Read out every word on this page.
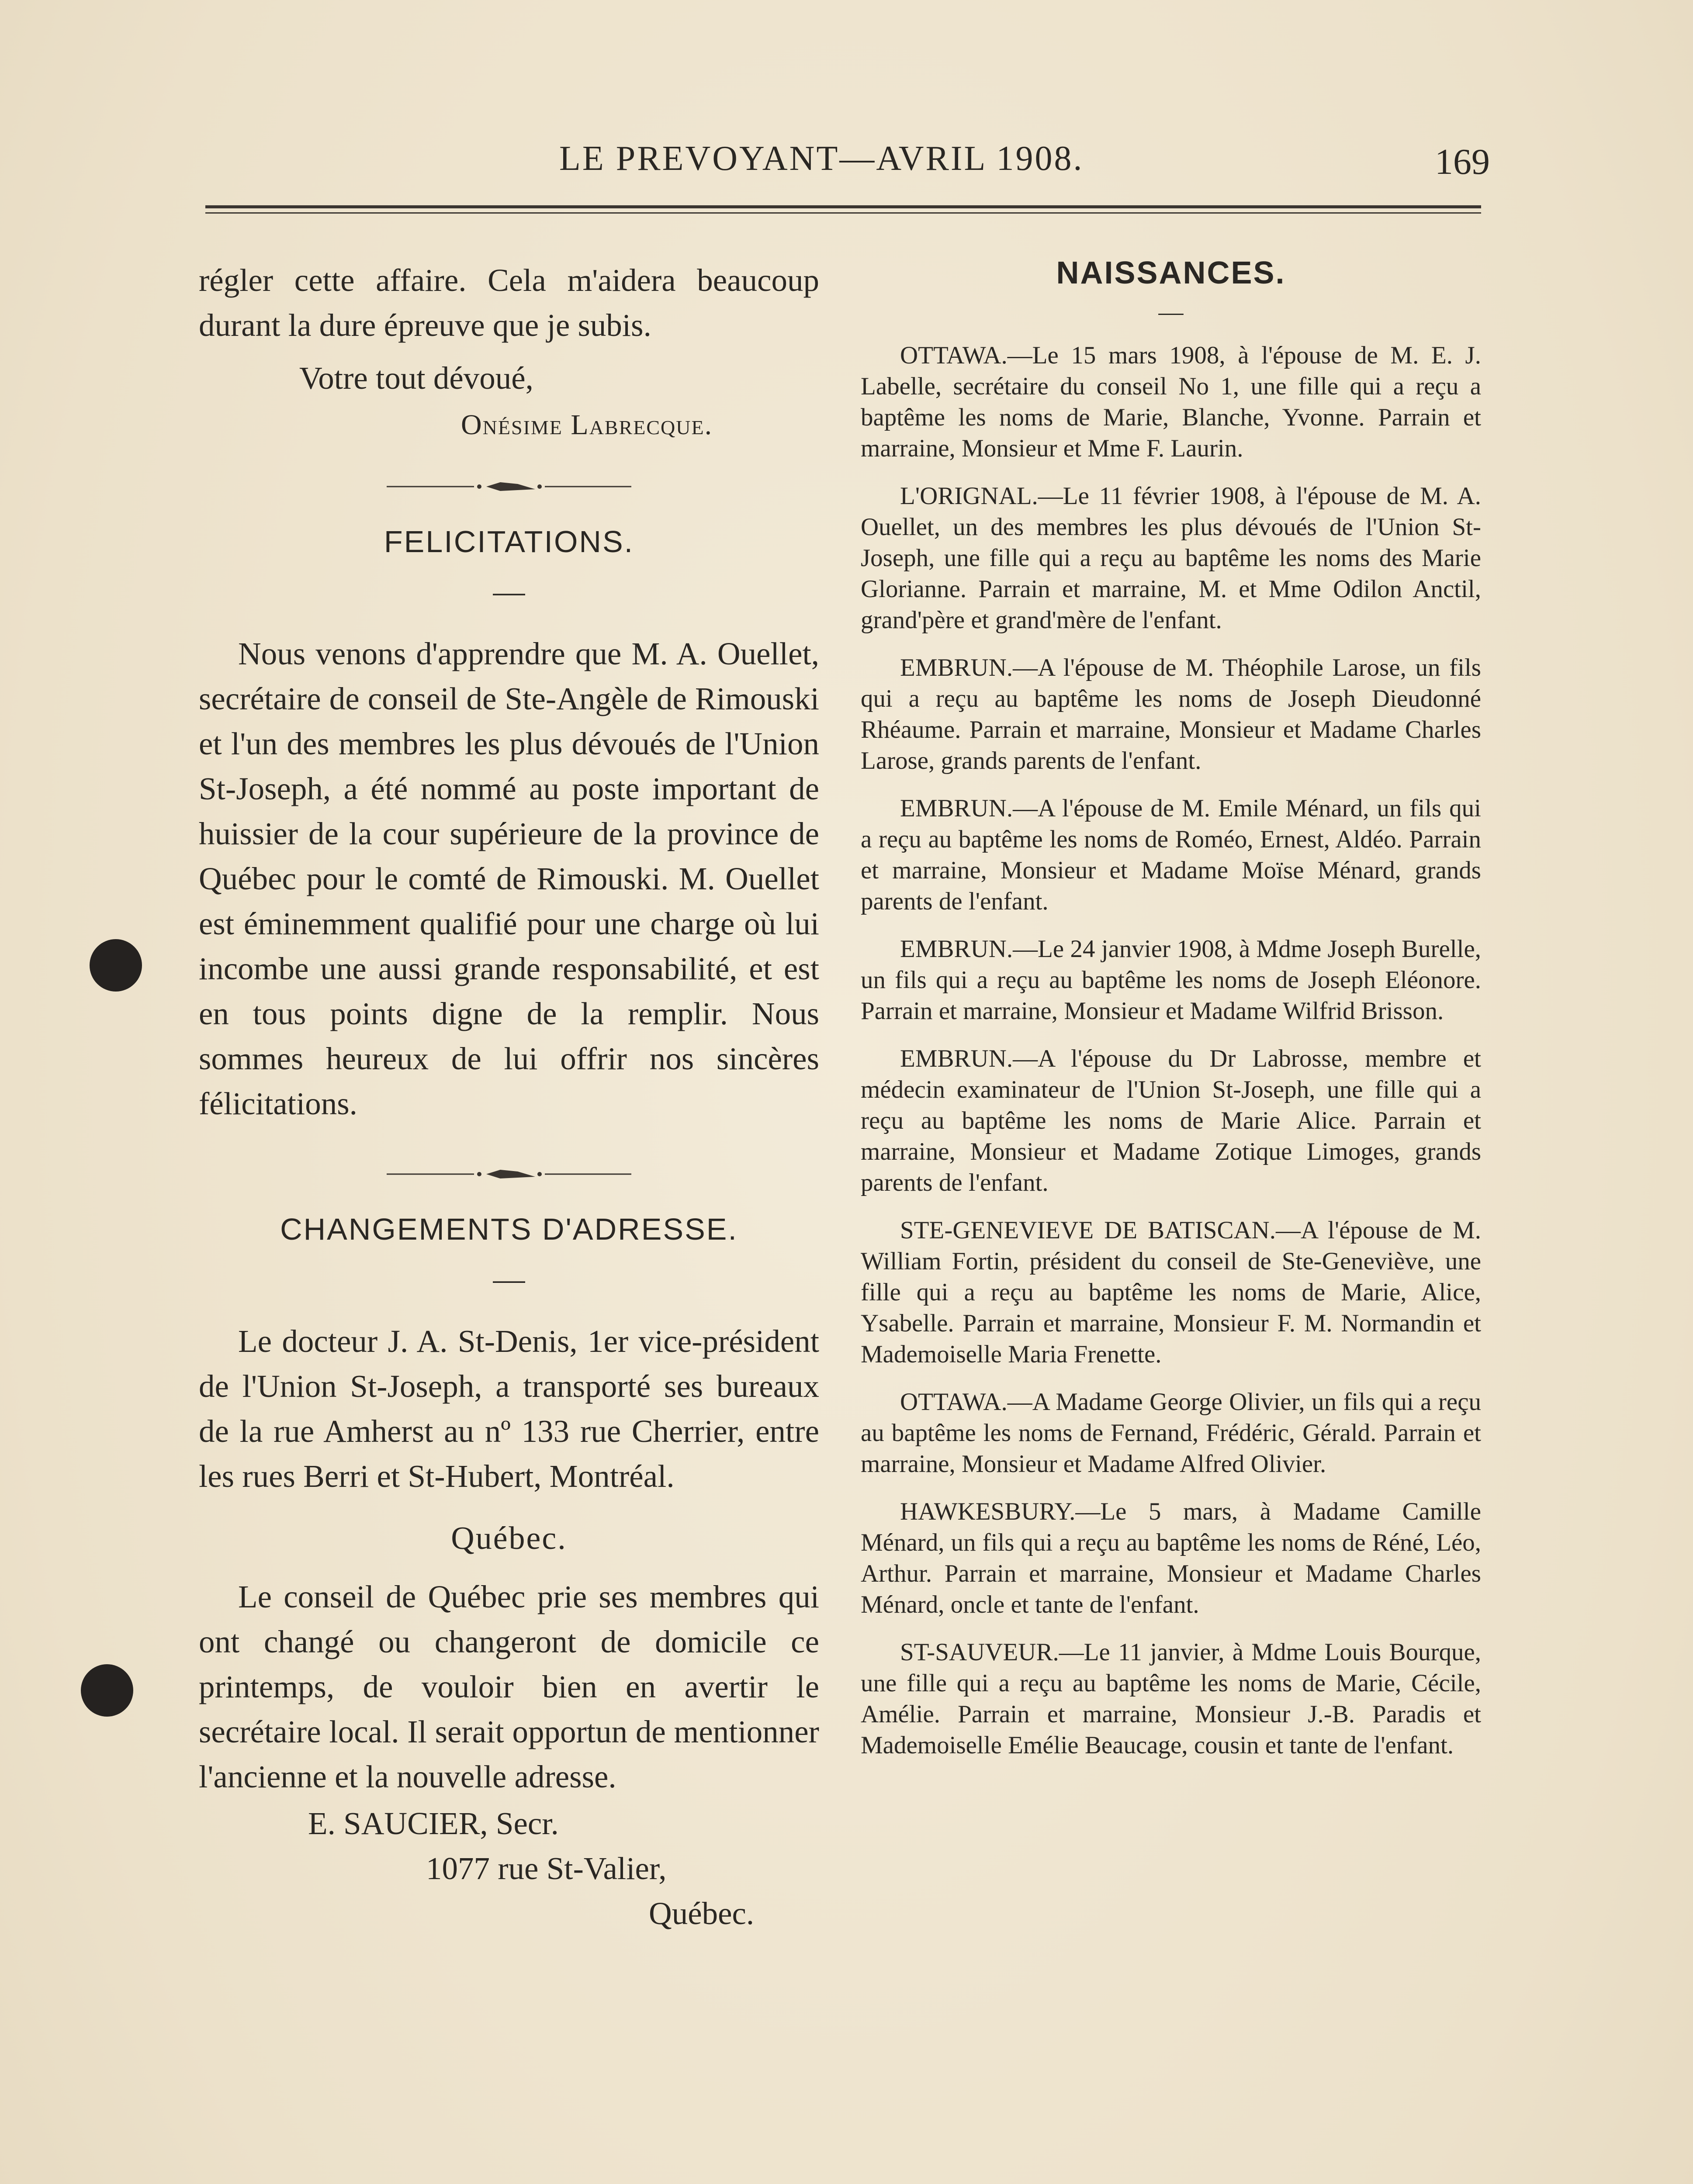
LE PREVOYANT—AVRIL 1908.	169

régler cette affaire. Cela m'aidera beaucoup durant la dure épreuve que je subis.

Votre tout dévoué,

Onésime Labrecque.

FELICITATIONS.
—

Nous venons d'apprendre que M. A. Ouellet, secrétaire de conseil de Ste-Angèle de Rimouski et l'un des membres les plus dévoués de l'Union St-Joseph, a été nommé au poste important de huissier de la cour supérieure de la province de Québec pour le comté de Rimouski. M. Ouellet est éminemment qualifié pour une charge où lui incombe une aussi grande responsabilité, et est en tous points digne de la remplir. Nous sommes heureux de lui offrir nos sincères félicitations.

CHANGEMENTS D'ADRESSE.
—

Le docteur J. A. St-Denis, 1er vice-président de l'Union St-Joseph, a transporté ses bureaux de la rue Amherst au nº 133 rue Cherrier, entre les rues Berri et St-Hubert, Montréal.

Québec.

Le conseil de Québec prie ses membres qui ont changé ou changeront de domicile ce printemps, de vouloir bien en avertir le secrétaire local. Il serait opportun de mentionner l'ancienne et la nouvelle adresse.

E. SAUCIER, Secr.

1077 rue St-Valier,

Québec.

NAISSANCES.
—

OTTAWA.—Le 15 mars 1908, à l'épouse de M. E. J. Labelle, secrétaire du conseil No 1, une fille qui a reçu a baptême les noms de Marie, Blanche, Yvonne. Parrain et marraine, Monsieur et Mme F. Laurin.

L'ORIGNAL.—Le 11 février 1908, à l'épouse de M. A. Ouellet, un des membres les plus dévoués de l'Union St-Joseph, une fille qui a reçu au baptême les noms des Marie Glorianne. Parrain et marraine, M. et Mme Odilon Anctil, grand'père et grand'mère de l'enfant.

EMBRUN.—A l'épouse de M. Théophile Larose, un fils qui a reçu au baptême les noms de Joseph Dieudonné Rhéaume. Parrain et marraine, Monsieur et Madame Charles Larose, grands parents de l'enfant.

EMBRUN.—A l'épouse de M. Emile Ménard, un fils qui a reçu au baptême les noms de Roméo, Ernest, Aldéo. Parrain et marraine, Monsieur et Madame Moïse Ménard, grands parents de l'enfant.

EMBRUN.—Le 24 janvier 1908, à Mdme Joseph Burelle, un fils qui a reçu au baptême les noms de Joseph Eléonore. Parrain et marraine, Monsieur et Madame Wilfrid Brisson.

EMBRUN.—A l'épouse du Dr Labrosse, membre et médecin examinateur de l'Union St-Joseph, une fille qui a reçu au baptême les noms de Marie Alice. Parrain et marraine, Monsieur et Madame Zotique Limoges, grands parents de l'enfant.

STE-GENEVIEVE DE BATISCAN.—A l'épouse de M. William Fortin, président du conseil de Ste-Geneviève, une fille qui a reçu au baptême les noms de Marie, Alice, Ysabelle. Parrain et marraine, Monsieur F. M. Normandin et Mademoiselle Maria Frenette.

OTTAWA.—A Madame George Olivier, un fils qui a reçu au baptême les noms de Fernand, Frédéric, Gérald. Parrain et marraine, Monsieur et Madame Alfred Olivier.

HAWKESBURY.—Le 5 mars, à Madame Camille Ménard, un fils qui a reçu au baptême les noms de Réné, Léo, Arthur. Parrain et marraine, Monsieur et Madame Charles Ménard, oncle et tante de l'enfant.

ST-SAUVEUR.—Le 11 janvier, à Mdme Louis Bourque, une fille qui a reçu au baptême les noms de Marie, Cécile, Amélie. Parrain et marraine, Monsieur J.-B. Paradis et Mademoiselle Emélie Beaucage, cousin et tante de l'enfant.
